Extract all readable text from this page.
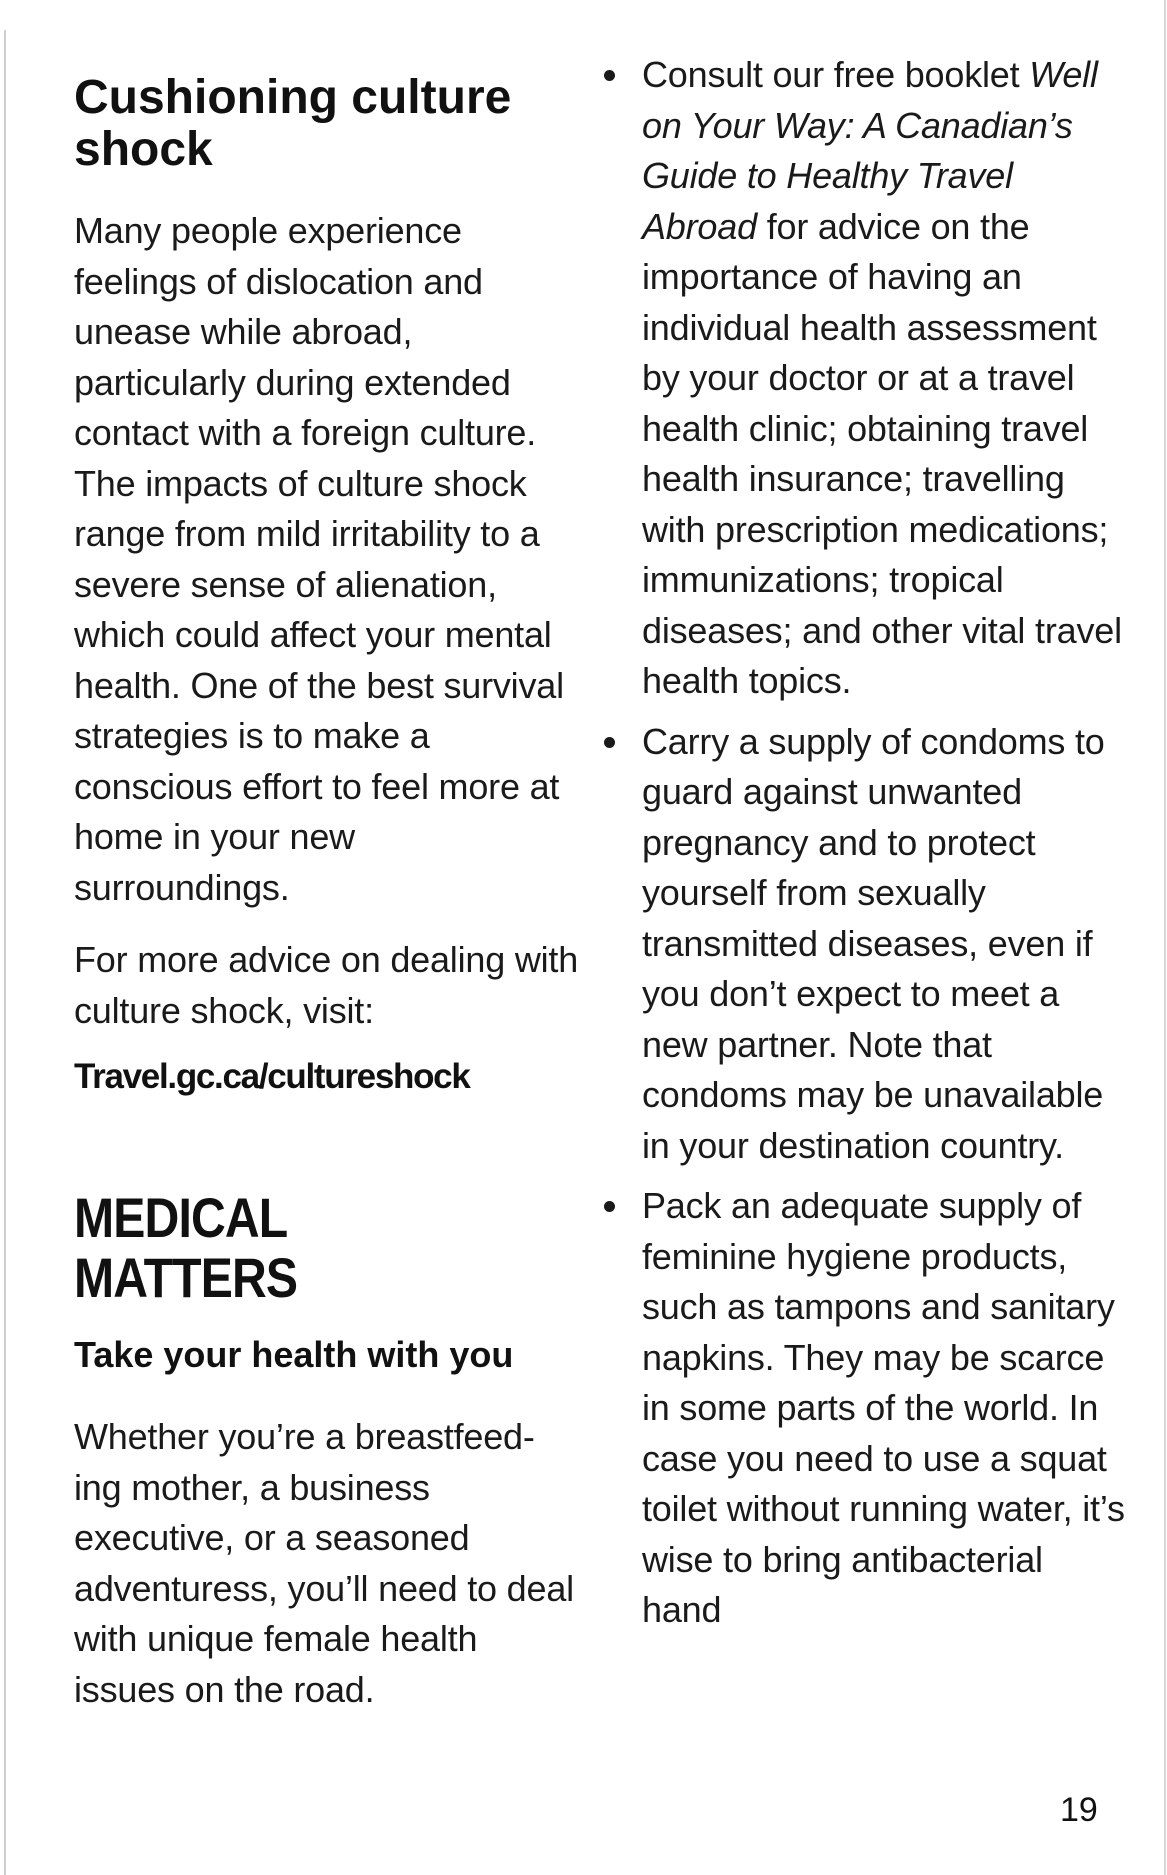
Cushioning culture shock

Many people experience feelings of dislocation and unease while abroad, particularly during extended contact with a foreign culture. The impacts of culture shock range from mild irritability to a severe sense of alienation, which could affect your mental health. One of the best survival strategies is to make a conscious effort to feel more at home in your new surroundings.

For more advice on dealing with culture shock, visit:

Travel.gc.ca/cultureshock
MEDICAL MATTERS
Take your health with you

Whether you’re a breastfeed-ing mother, a business executive, or a seasoned adventuress, you’ll need to deal with unique female health issues on the road.

Consult our free booklet Well on Your Way: A Canadian’s Guide to Healthy Travel Abroad for advice on the importance of having an individual health assessment by your doctor or at a travel health clinic; obtaining travel health insurance; travelling with prescription medications; immunizations; tropical diseases; and other vital travel health topics.
Carry a supply of condoms to guard against unwanted pregnancy and to protect yourself from sexually transmitted diseases, even if you don’t expect to meet a new partner. Note that condoms may be unavailable in your destination country.
Pack an adequate supply of feminine hygiene products, such as tampons and sanitary napkins. They may be scarce in some parts of the world. In case you need to use a squat toilet without running water, it’s wise to bring antibacterial hand
19
